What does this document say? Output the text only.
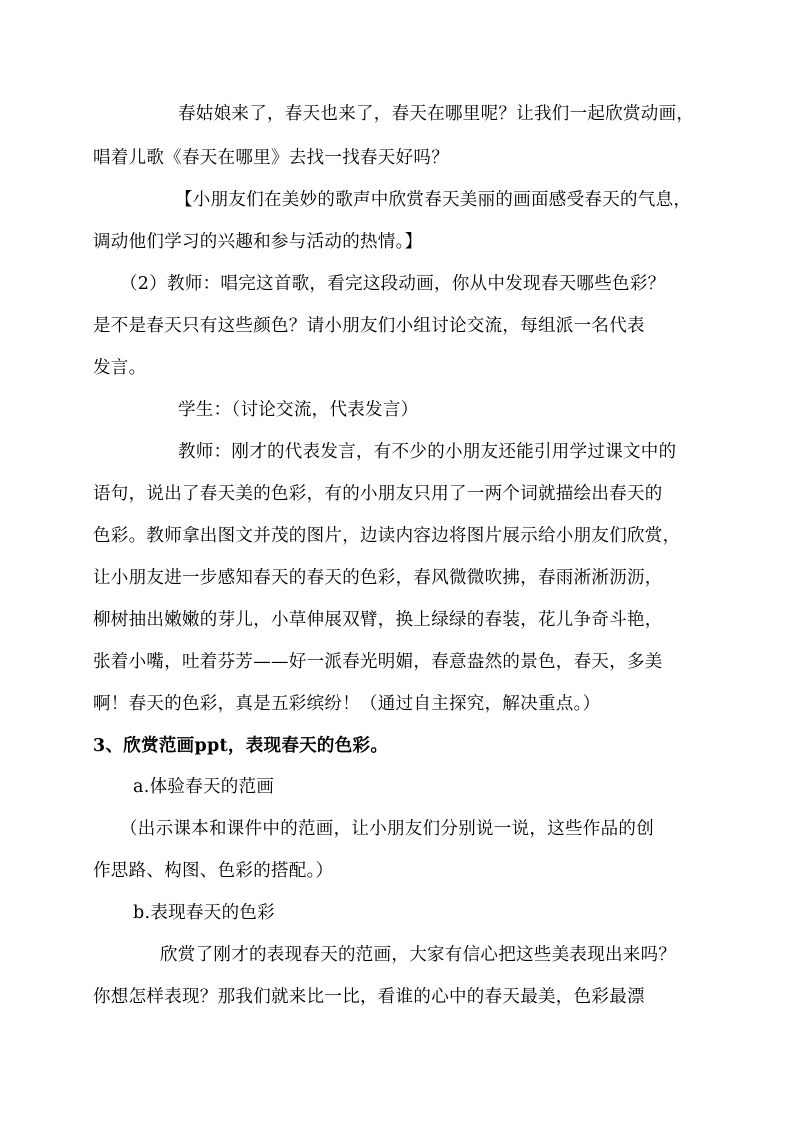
春姑娘来了，春天也来了，春天在哪里呢？让我们一起欣赏动画，
唱着儿歌《春天在哪里》去找一找春天好吗？
【小朋友们在美妙的歌声中欣赏春天美丽的画面感受春天的气息，
调动他们学习的兴趣和参与活动的热情。】
（2）教师：唱完这首歌，看完这段动画，你从中发现春天哪些色彩？
是不是春天只有这些颜色？请小朋友们小组讨论交流，每组派一名代表
发言。
学生：（讨论交流，代表发言）
教师：刚才的代表发言，有不少的小朋友还能引用学过课文中的
语句，说出了春天美的色彩，有的小朋友只用了一两个词就描绘出春天的
色彩。教师拿出图文并茂的图片，边读内容边将图片展示给小朋友们欣赏，
让小朋友进一步感知春天的春天的色彩，春风微微吹拂，春雨淅淅沥沥，
柳树抽出嫩嫩的芽儿，小草伸展双臂，换上绿绿的春装，花儿争奇斗艳，
张着小嘴，吐着芬芳——好一派春光明媚，春意盎然的景色，春天，多美
啊！春天的色彩，真是五彩缤纷！（通过自主探究，解决重点。）
3、欣赏范画ppt，表现春天的色彩。
a.体验春天的范画
（出示课本和课件中的范画，让小朋友们分别说一说，这些作品的创
作思路、构图、色彩的搭配。）
b.表现春天的色彩
欣赏了刚才的表现春天的范画，大家有信心把这些美表现出来吗？
你想怎样表现？那我们就来比一比，看谁的心中的春天最美，色彩最漂
